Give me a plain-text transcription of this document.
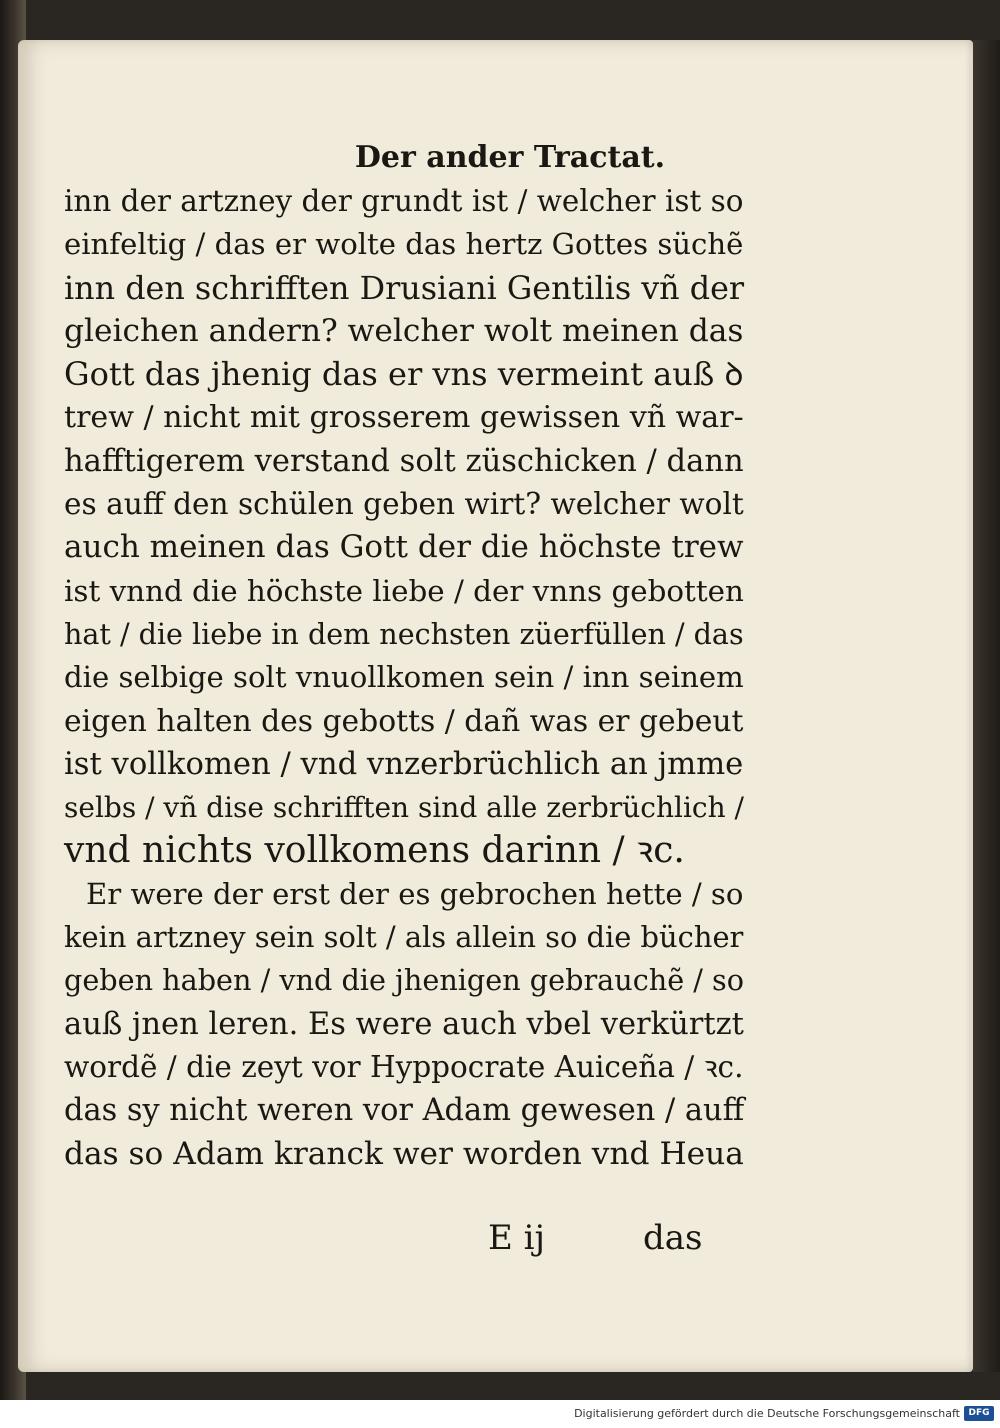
Der ander Tractat.
inn der artzney der grundt ist / welcher ist so
einfeltig / das er wolte das hertz Gottes süchẽ
inn den schrifften Drusiani Gentilis vñ der
gleichen andern? welcher wolt meinen das
Gott das jhenig das er vns vermeint auß ꝺ
trew / nicht mit grosserem gewissen vñ war-
hafftigerem verstand solt züschicken / dann
es auff den schülen geben wirt? welcher wolt
auch meinen das Gott der die höchste trew
ist vnnd die höchste liebe / der vnns gebotten
hat / die liebe in dem nechsten züerfüllen / das
die selbige solt vnuollkomen sein / inn seinem
eigen halten des gebotts / dañ was er gebeut
ist vollkomen / vnd vnzerbrüchlich an jmme
selbs / vñ dise schrifften sind alle zerbrüchlich /
vnd nichts vollkomens darinn / ꝛc.
Er were der erst der es gebrochen hette / so
kein artzney sein solt / als allein so die bücher
geben haben / vnd die jhenigen gebrauchẽ / so
auß jnen leren. Es were auch vbel verkürtzt
wordẽ / die zeyt vor Hyppocrate Auiceña / ꝛc.
das sy nicht weren vor Adam gewesen / auff
das so Adam kranck wer worden vnd Heua
E ij	das
Digitalisierung gefördert durch die Deutsche Forschungsgemeinschaft DFG
